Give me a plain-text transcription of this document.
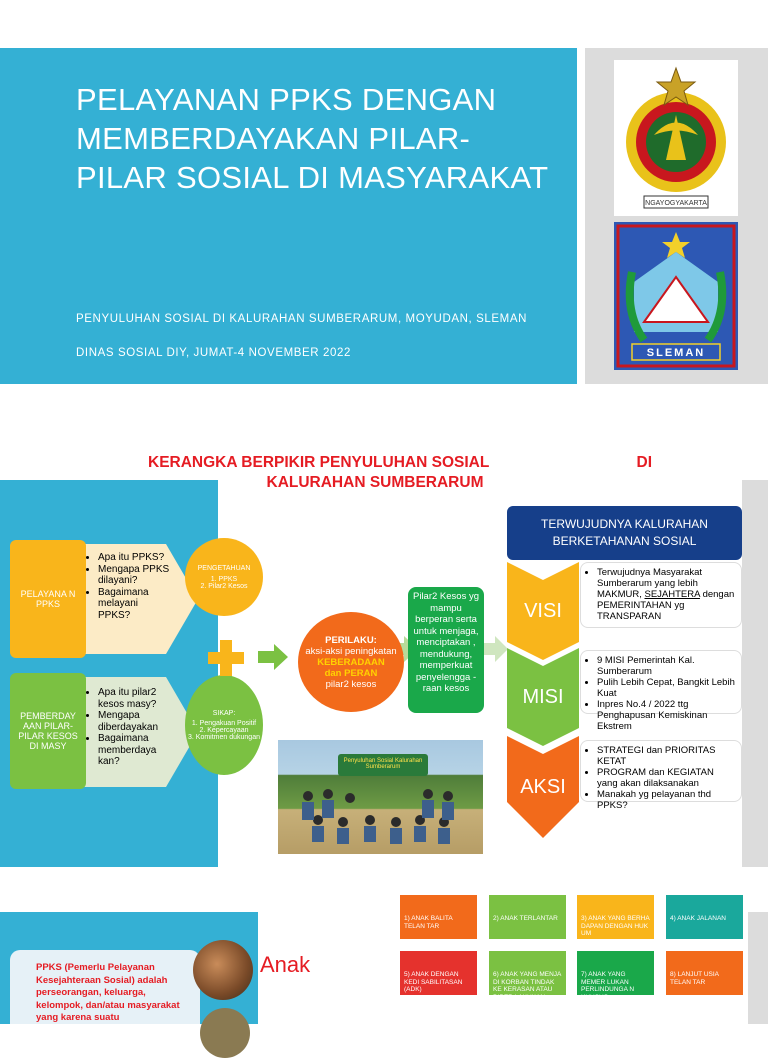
PELAYANAN PPKS DENGAN MEMBERDAYAKAN PILAR-PILAR SOSIAL DI MASYARAKAT
PENYULUHAN SOSIAL DI KALURAHAN SUMBERARUM, MOYUDAN, SLEMAN
DINAS SOSIAL DIY, JUMAT-4 NOVEMBER 2022
NGAYOGYAKARTA
SLEMAN
KERANGKA BERPIKIR PENYULUHAN SOSIAL	DI
KALURAHAN SUMBERARUM
• Apa itu PPKS?
• Mengapa PPKS dilayani?
• Bagaimana melayani PPKS?
PELAYANA N PPKS
• Apa itu pilar2 kesos masy?
• Mengapa diberdayakan
• Bagaimana memberdaya kan?
PEMBERDAY AAN PILAR-PILAR KESOS DI MASY
PENGETAHUAN
1. PPKS
2. Pilar2 Kesos
SIKAP:
1. Pengakuan Positif
2. Kepercayaan
3. Komitmen dukungan
PERILAKU:
aksi-aksi peningkatan
KEBERADAAN
dan PERAN
pilar2 kesos
Pilar2 Kesos yg mampu berperan serta untuk menjaga, menciptakan , mendukung, memperkuat penyelengga -raan kesos
Penyuluhan Sosial Kalurahan Sumberarum
TERWUJUDNYA KALURAHAN BERKETAHANAN SOSIAL
VISI
• Terwujudnya Masyarakat Sumberarum yang lebih MAKMUR, SEJAHTERA dengan PEMERINTAHAN yg TRANSPARAN
MISI
• 9 MISI Pemerintah Kal. Sumberarum
• Pulih Lebih Cepat, Bangkit Lebih Kuat
• Inpres No.4 / 2022 ttg Penghapusan Kemiskinan Ekstrem
AKSI
• STRATEGI dan PRIORITAS KETAT
• PROGRAM dan KEGIATAN yang akan dilaksanakan
• Manakah yg pelayanan thd PPKS?
PPKS (Pemerlu Pelayanan Kesejahteraan Sosial) adalah perseorangan, keluarga, kelompok, dan/atau masyarakat yang karena suatu
Anak
1) ANAK BALITA TELAN TAR
2) ANAK TERLANTAR	3) ANAK YANG BERHA DAPAN DENGAN HUK UM
4) ANAK JALANAN
5) ANAK DENGAN KEDI SABILITASAN (ADK)
6) ANAK YANG MENJA DI KORBAN TINDAK KE KERASAN ATAU DIPER LAKUKAN SALAH
7) ANAK YANG MEMER LUKAN PERLINDUNGA N KHUSUS
8) LANJUT USIA TELAN TAR
